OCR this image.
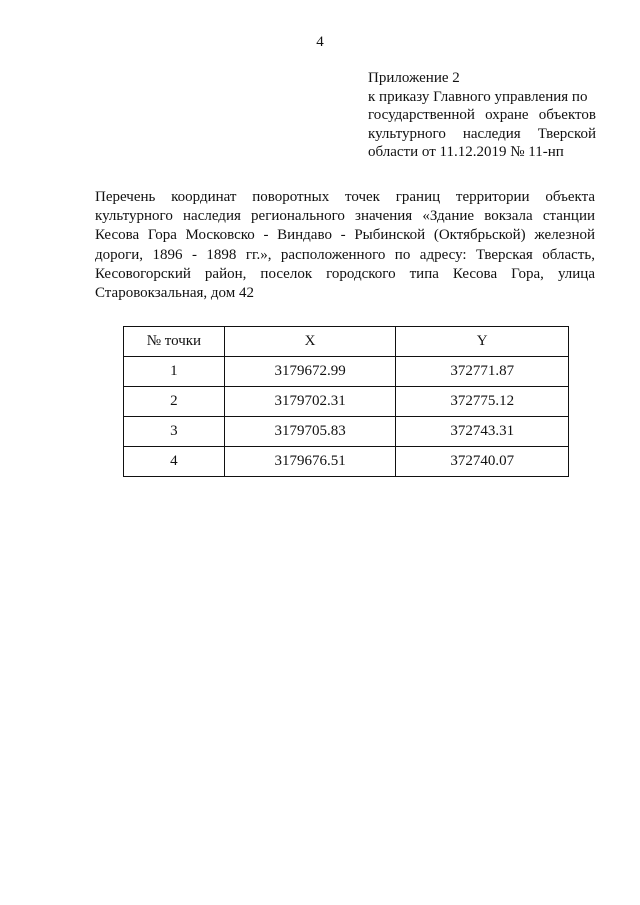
4
Приложение 2
к приказу Главного управления по
государственной охране объектов
культурного наследия Тверской
области от 11.12.2019 № 11-нп
Перечень координат поворотных точек границ территории объекта
культурного наследия регионального значения «Здание вокзала станции
Кесова Гора Московско - Виндаво - Рыбинской (Октябрьской) железной
дороги, 1896 - 1898 гг.», расположенного по адресу: Тверская область,
Кесовогорский район, поселок городского типа Кесова Гора, улица
Старовокзальная, дом 42
№ точки	X	Y
1	3179672.99	372771.87
2	3179702.31	372775.12
3	3179705.83	372743.31
4	3179676.51	372740.07
